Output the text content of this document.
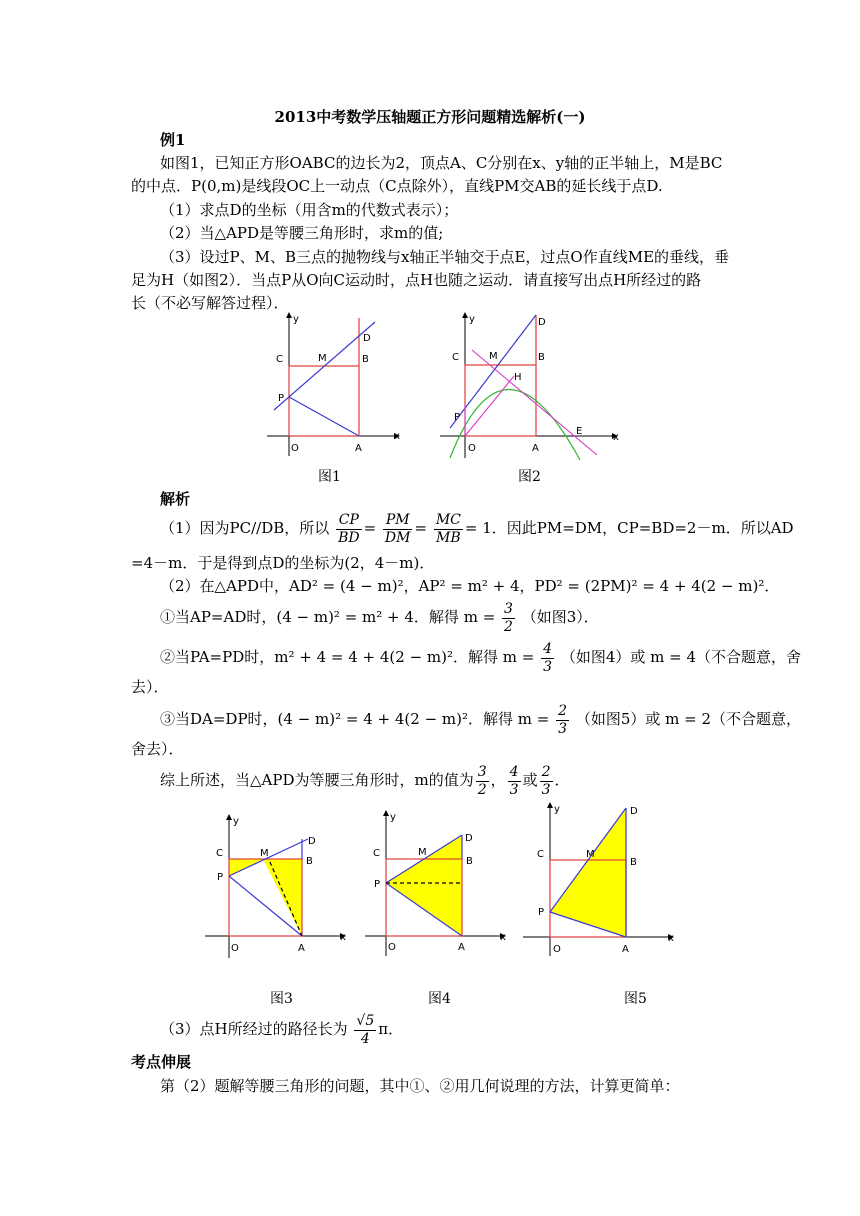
2013中考数学压轴题正方形问题精选解析(一)
例1
如图1，已知正方形OABC的边长为2，顶点A、C分别在x、y轴的正半轴上，M是BC
的中点．P(0,m)是线段OC上一动点（C点除外），直线PM交AB的延长线于点D.
（1）求点D的坐标（用含m的代数式表示）；
（2）当△APD是等腰三角形时，求m的值;
（3）设过P、M、B三点的抛物线与x轴正半轴交于点E，过点O作直线ME的垂线，垂
足为H（如图2）．当点P从O向C运动时，点H也随之运动．请直接写出点H所经过的路
长（不必写解答过程）．
C	M	B
D
P
O	A
x
y
图1
C	M	B
D
H
P
O	A
E
x
y
图2
解析
（1）因为PC//DB，所以 $\frac{CP}{BD} = \frac{PM}{DM} = \frac{MC}{MB} = 1$．因此PM=DM，CP=BD=2－m．所以AD
=4－m．于是得到点D的坐标为(2，4－m)．
（2）在△APD中，AD² = (4 − m)²，AP² = m² + 4，PD² = (2PM)² = 4 + 4(2 − m)²．
①当AP=AD时，(4 − m)² = m² + 4．解得 $m = \frac{3}{2}$ （如图3）．
②当PA=PD时，m² + 4 = 4 + 4(2 − m)²．解得 $m = \frac{4}{3}$ （如图4）或 m = 4（不合题意，舍
去）．
③当DA=DP时，(4 − m)² = 4 + 4(2 − m)²．解得 $m = \frac{2}{3}$ （如图5）或 m = 2（不合题意，
舍去）．
综上所述，当△APD为等腰三角形时，m的值为 $\frac{3}{2}$ ， $\frac{4}{3}$ 或 $\frac{2}{3}$ ．
C	M
B
D
P
O	A
x
y
图3
C	M
B
D
P
O	A
x
y
图4
C	M
B
D
P
O	A
x
y
图5
（3）点H所经过的路径长为 $\frac{√5}{4}$ π．
考点伸展
第（2）题解等腰三角形的问题，其中①、②用几何说理的方法，计算更简单：
